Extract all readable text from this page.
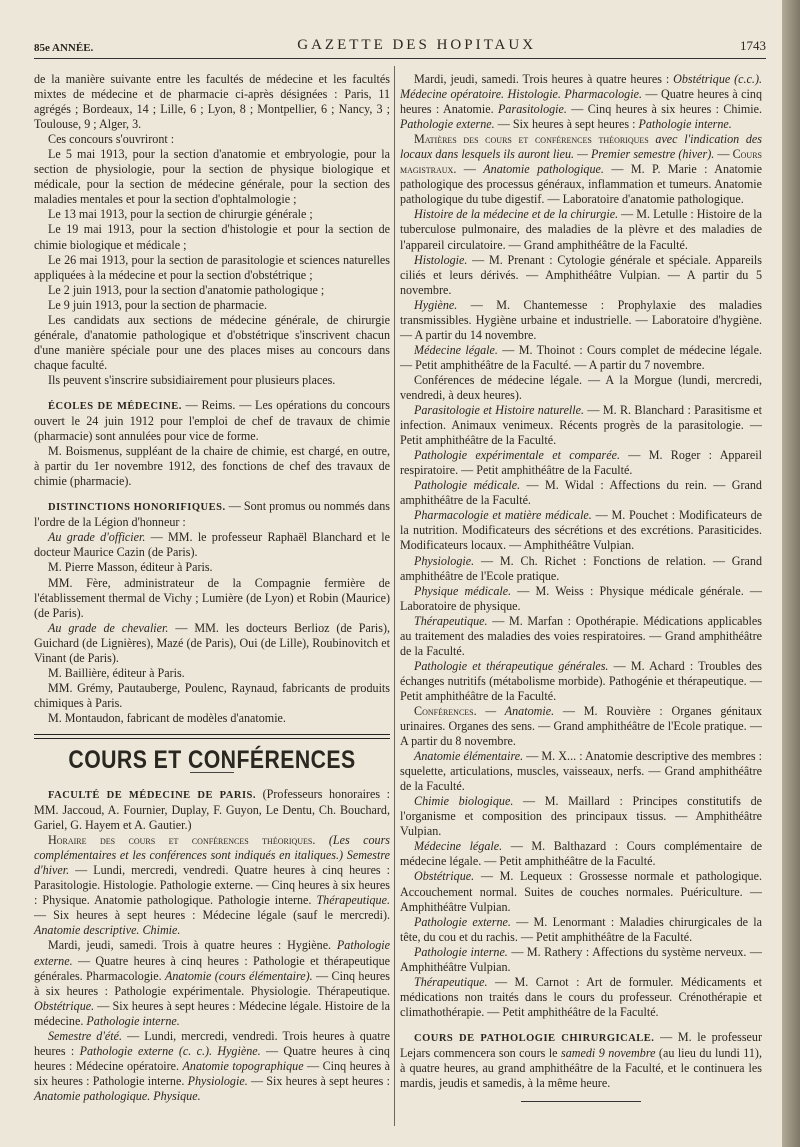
85e ANNÉE.	GAZETTE DES HOPITAUX	1743

de la manière suivante entre les facultés de médecine et les facultés mixtes de médecine et de pharmacie ci-après désignées : Paris, 11 agrégés ; Bordeaux, 14 ; Lille, 6 ; Lyon, 8 ; Montpellier, 6 ; Nancy, 3 ; Toulouse, 9 ; Alger, 3.

Ces concours s'ouvriront :

Le 5 mai 1913, pour la section d'anatomie et embryologie, pour la section de physiologie, pour la section de physique biologique et médicale, pour la section de médecine générale, pour la section des maladies mentales et pour la section d'ophtalmologie ;

Le 13 mai 1913, pour la section de chirurgie générale ;

Le 19 mai 1913, pour la section d'histologie et pour la section de chimie biologique et médicale ;

Le 26 mai 1913, pour la section de parasitologie et sciences naturelles appliquées à la médecine et pour la section d'obstétrique ;

Le 2 juin 1913, pour la section d'anatomie pathologique ;

Le 9 juin 1913, pour la section de pharmacie.

Les candidats aux sections de médecine générale, de chirurgie générale, d'anatomie pathologique et d'obstétrique s'inscrivent chacun d'une manière spéciale pour une des places mises au concours dans chaque faculté.

Ils peuvent s'inscrire subsidiairement pour plusieurs places.

ÉCOLES DE MÉDECINE. — Reims. — Les opérations du concours ouvert le 24 juin 1912 pour l'emploi de chef de travaux de chimie (pharmacie) sont annulées pour vice de forme.

M. Boismenus, suppléant de la chaire de chimie, est chargé, en outre, à partir du 1er novembre 1912, des fonctions de chef des travaux de chimie (pharmacie).

DISTINCTIONS HONORIFIQUES. — Sont promus ou nommés dans l'ordre de la Légion d'honneur :

Au grade d'officier. — MM. le professeur Raphaël Blanchard et le docteur Maurice Cazin (de Paris).

M. Pierre Masson, éditeur à Paris.

MM. Fère, administrateur de la Compagnie fermière de l'établissement thermal de Vichy ; Lumière (de Lyon) et Robin (Maurice) (de Paris).

Au grade de chevalier. — MM. les docteurs Berlioz (de Paris), Guichard (de Lignières), Mazé (de Paris), Oui (de Lille), Roubinovitch et Vinant (de Paris).

M. Baillière, éditeur à Paris.

MM. Grémy, Pautauberge, Poulenc, Raynaud, fabricants de produits chimiques à Paris.

M. Montaudon, fabricant de modèles d'anatomie.

COURS ET CONFÉRENCES

FACULTÉ DE MÉDECINE DE PARIS. (Professeurs honoraires : MM. Jaccoud, A. Fournier, Duplay, F. Guyon, Le Dentu, Ch. Bouchard, Gariel, G. Hayem et A. Gautier.)

Horaire des cours et conférences théoriques. (Les cours complémentaires et les conférences sont indiqués en italiques.) Semestre d'hiver. — Lundi, mercredi, vendredi. Quatre heures à cinq heures : Parasitologie. Histologie. Pathologie externe. — Cinq heures à six heures : Physique. Anatomie pathologique. Pathologie interne. Thérapeutique. — Six heures à sept heures : Médecine légale (sauf le mercredi). Anatomie descriptive. Chimie.

Mardi, jeudi, samedi. Trois à quatre heures : Hygiène. Pathologie externe. — Quatre heures à cinq heures : Pathologie et thérapeutique générales. Pharmacologie. Anatomie (cours élémentaire). — Cinq heures à six heures : Pathologie expérimentale. Physiologie. Thérapeutique. Obstétrique. — Six heures à sept heures : Médecine légale. Histoire de la médecine. Pathologie interne.

Semestre d'été. — Lundi, mercredi, vendredi. Trois heures à quatre heures : Pathologie externe (c. c.). Hygiène. — Quatre heures à cinq heures : Médecine opératoire. Anatomie topographique — Cinq heures à six heures : Pathologie interne. Physiologie. — Six heures à sept heures : Anatomie pathologique. Physique.

Mardi, jeudi, samedi. Trois heures à quatre heures : Obstétrique (c.c.). Médecine opératoire. Histologie. Pharmacologie. — Quatre heures à cinq heures : Anatomie. Parasitologie. — Cinq heures à six heures : Chimie. Pathologie externe. — Six heures à sept heures : Pathologie interne.

Matières des cours et conférences théoriques avec l'indication des locaux dans lesquels ils auront lieu. — Premier semestre (hiver). — Cours magistraux. — Anatomie pathologique. — M. P. Marie : Anatomie pathologique des processus généraux, inflammation et tumeurs. Anatomie pathologique du tube digestif. — Laboratoire d'anatomie pathologique.

Histoire de la médecine et de la chirurgie. — M. Letulle : Histoire de la tuberculose pulmonaire, des maladies de la plèvre et des maladies de l'appareil circulatoire. — Grand amphithéâtre de la Faculté.

Histologie. — M. Prenant : Cytologie générale et spéciale. Appareils ciliés et leurs dérivés. — Amphithéâtre Vulpian. — A partir du 5 novembre.

Hygiène. — M. Chantemesse : Prophylaxie des maladies transmissibles. Hygiène urbaine et industrielle. — Laboratoire d'hygiène. — A partir du 14 novembre.

Médecine légale. — M. Thoinot : Cours complet de médecine légale. — Petit amphithéâtre de la Faculté. — A partir du 7 novembre.

Conférences de médecine légale. — A la Morgue (lundi, mercredi, vendredi, à deux heures).

Parasitologie et Histoire naturelle. — M. R. Blanchard : Parasitisme et infection. Animaux venimeux. Récents progrès de la parasitologie. — Petit amphithéâtre de la Faculté.

Pathologie expérimentale et comparée. — M. Roger : Appareil respiratoire. — Petit amphithéâtre de la Faculté.

Pathologie médicale. — M. Widal : Affections du rein. — Grand amphithéâtre de la Faculté.

Pharmacologie et matière médicale. — M. Pouchet : Modificateurs de la nutrition. Modificateurs des sécrétions et des excrétions. Parasiticides. Modificateurs locaux. — Amphithéâtre Vulpian.

Physiologie. — M. Ch. Richet : Fonctions de relation. — Grand amphithéâtre de l'Ecole pratique.

Physique médicale. — M. Weiss : Physique médicale générale. — Laboratoire de physique.

Thérapeutique. — M. Marfan : Opothérapie. Médications applicables au traitement des maladies des voies respiratoires. — Grand amphithéâtre de la Faculté.

Pathologie et thérapeutique générales. — M. Achard : Troubles des échanges nutritifs (métabolisme morbide). Pathogénie et thérapeutique. — Petit amphithéâtre de la Faculté.

Conférences. — Anatomie. — M. Rouvière : Organes génitaux urinaires. Organes des sens. — Grand amphithéâtre de l'Ecole pratique. — A partir du 8 novembre.

Anatomie élémentaire. — M. X... : Anatomie descriptive des membres : squelette, articulations, muscles, vaisseaux, nerfs. — Grand amphithéâtre de la Faculté.

Chimie biologique. — M. Maillard : Principes constitutifs de l'organisme et composition des principaux tissus. — Amphithéâtre Vulpian.

Médecine légale. — M. Balthazard : Cours complémentaire de médecine légale. — Petit amphithéâtre de la Faculté.

Obstétrique. — M. Lequeux : Grossesse normale et pathologique. Accouchement normal. Suites de couches normales. Puériculture. — Amphithéâtre Vulpian.

Pathologie externe. — M. Lenormant : Maladies chirurgicales de la tête, du cou et du rachis. — Petit amphithéâtre de la Faculté.

Pathologie interne. — M. Rathery : Affections du système nerveux. — Amphithéâtre Vulpian.

Thérapeutique. — M. Carnot : Art de formuler. Médicaments et médications non traités dans le cours du professeur. Crénothérapie et climathothérapie. — Petit amphithéâtre de la Faculté.

COURS DE PATHOLOGIE CHIRURGICALE. — M. le professeur Lejars commencera son cours le samedi 9 novembre (au lieu du lundi 11), à quatre heures, au grand amphithéâtre de la Faculté, et le continuera les mardis, jeudis et samedis, à la même heure.
